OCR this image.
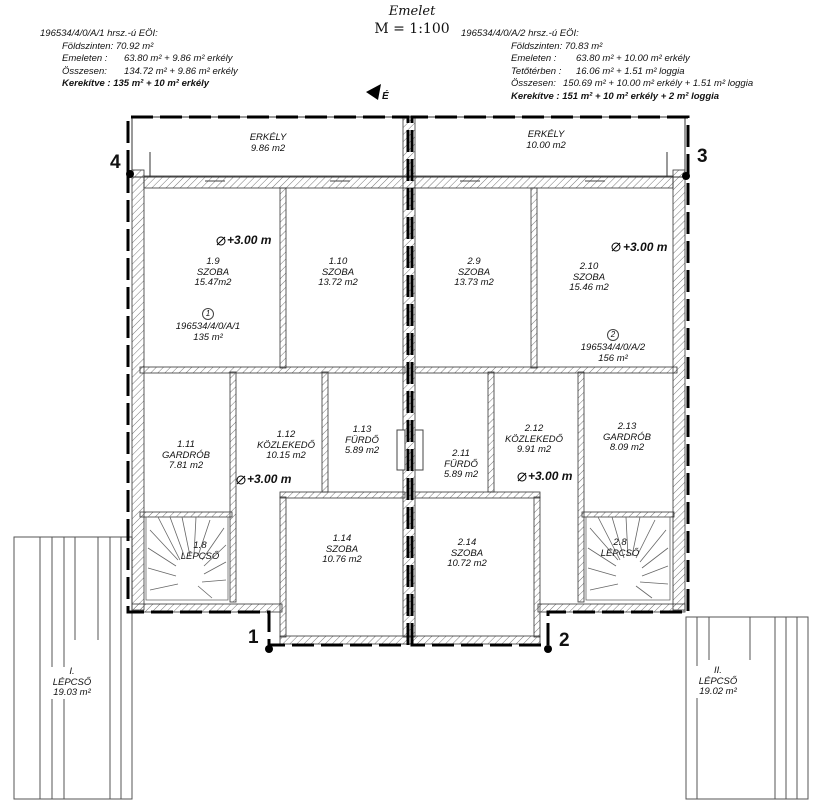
Emelet
M = 1:100
196534/4/0/A/1 hrsz.-ú EÖI:
Földszinten: 70.92 m²
Emeleten : 63.80 m² + 9.86 m² erkély
Összesen: 134.72 m² + 9.86 m² erkély
Kerekítve : 135 m² + 10 m² erkély
196534/4/0/A/2 hrsz.-ú EÖI:
Földszinten: 70.83 m²
Emeleten : 63.80 m² + 10.00 m² erkély
Tetőtérben : 16.06 m² + 1.51 m² loggia
Összesen: 150.69 m² + 10.00 m² erkély + 1.51 m² loggia
Kerekítve : 151 m² + 10 m² erkély + 2 m² loggia
É
4	3
1	2
ERKÉLY
9.86 m2
ERKÉLY
10.00 m2
1.9
SZOBA
15.47m2
1.10
SZOBA
13.72 m2
2.9
SZOBA
13.73 m2
2.10
SZOBA
15.46 m2
1
196534/4/0/A/1
135 m²	2
196534/4/0/A/2
156 m²
1.11
GARDRÓB
7.81 m2
1.12
KÖZLEKEDŐ
10.15 m2
1.13
FÜRDŐ
5.89 m2	2.11
FÜRDŐ
5.89 m2
2.12
KÖZLEKEDŐ
9.91 m2
2.13
GARDRÓB
8.09 m2
1.8
LÉPCSŐ
2.8
LÉPCSŐ
1.14
SZOBA
10.76 m2
2.14
SZOBA
10.72 m2
+3.00 m	+3.00 m
+3.00 m	+3.00 m
I.
LÉPCSŐ
19.03 m²
II.
LÉPCSŐ
19.02 m²
